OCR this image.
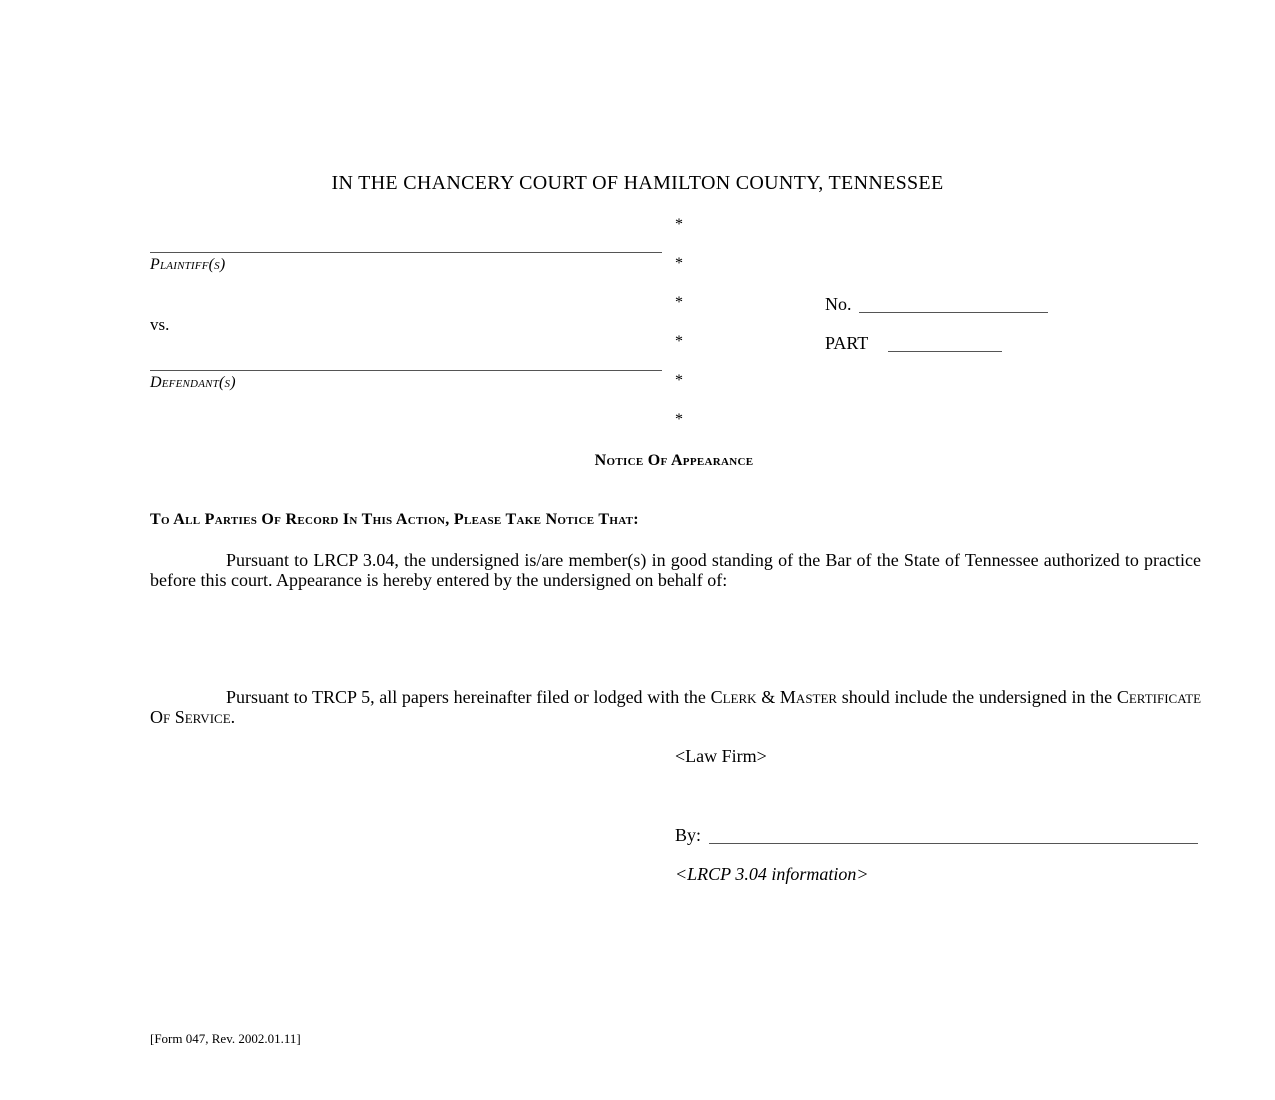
IN THE CHANCERY COURT OF HAMILTON COUNTY, TENNESSEE
Plaintiff(s)
vs.
Defendant(s)
*
*
*
*
*
*
No.
PART
Notice Of Appearance
To All Parties Of Record In This Action, Please Take Notice That:
Pursuant to LRCP 3.04, the undersigned is/are member(s) in good standing of the Bar of the State of Tennessee authorized to practice before this court. Appearance is hereby entered by the undersigned on behalf of:
Pursuant to TRCP 5, all papers hereinafter filed or lodged with the Clerk & Master should include the undersigned in the Certificate Of Service.
<Law Firm>
By:
<LRCP 3.04 information>
[Form 047, Rev. 2002.01.11]
